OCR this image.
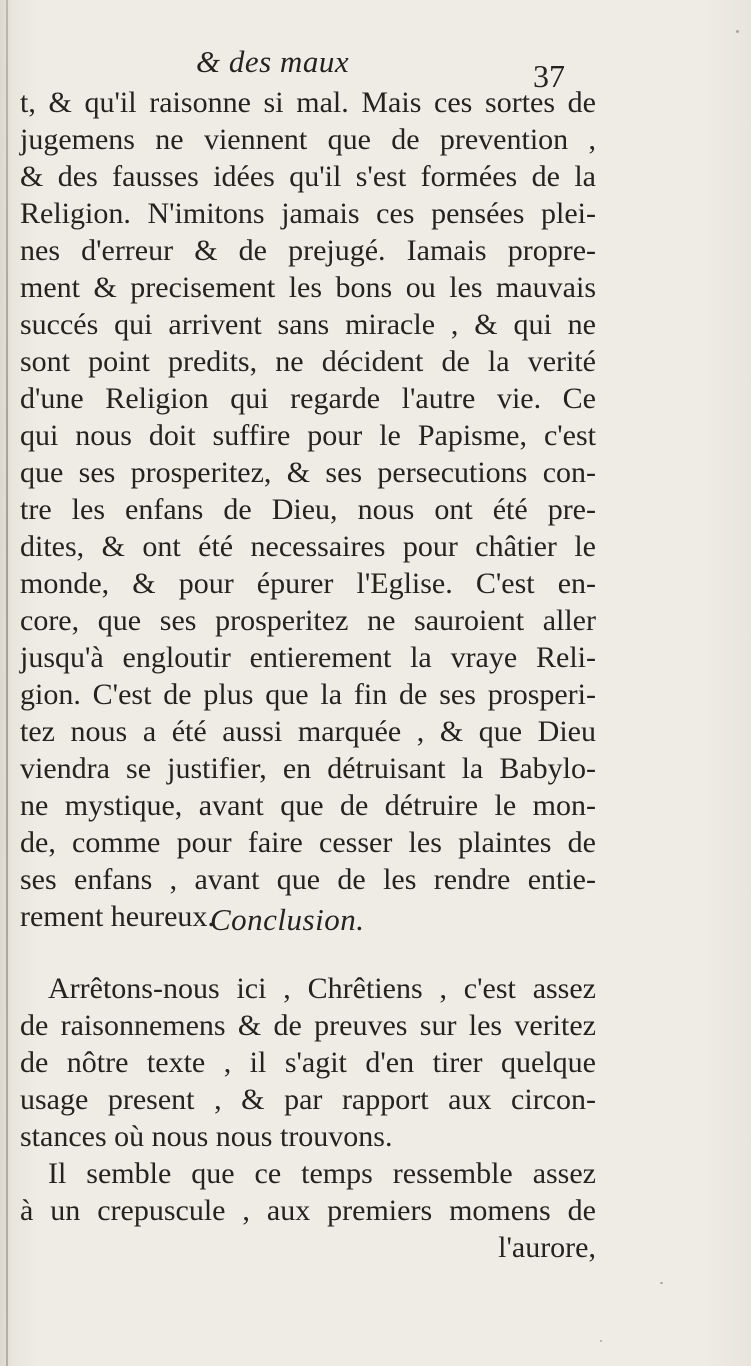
& des maux	37
t, & qu'il raisonne si mal. Mais ces sortes de
jugemens ne viennent que de prevention ,
& des fausses idées qu'il s'est formées de la
Religion. N'imitons jamais ces pensées plei-
nes d'erreur & de prejugé. Iamais propre-
ment & precisement les bons ou les mauvais
succés qui arrivent sans miracle , & qui ne
sont point predits, ne décident de la verité
d'une Religion qui regarde l'autre vie. Ce
qui nous doit suffire pour le Papisme, c'est
que ses prosperitez, & ses persecutions con-
tre les enfans de Dieu, nous ont été pre-
dites, & ont été necessaires pour châtier le
monde, & pour épurer l'Eglise. C'est en-
core, que ses prosperitez ne sauroient aller
jusqu'à engloutir entierement la vraye Reli-
gion. C'est de plus que la fin de ses prosperi-
tez nous a été aussi marquée , & que Dieu
viendra se justifier, en détruisant la Babylo-
ne mystique, avant que de détruire le mon-
de, comme pour faire cesser les plaintes de
ses enfans , avant que de les rendre entie-
rement heureux.
Conclusion.
Arrêtons-nous ici , Chrêtiens , c'est assez
de raisonnemens & de preuves sur les veritez
de nôtre texte , il s'agit d'en tirer quelque
usage present , & par rapport aux circon-
stances où nous nous trouvons.
Il semble que ce temps ressemble assez
à un crepuscule , aux premiers momens de
l'aurore,
